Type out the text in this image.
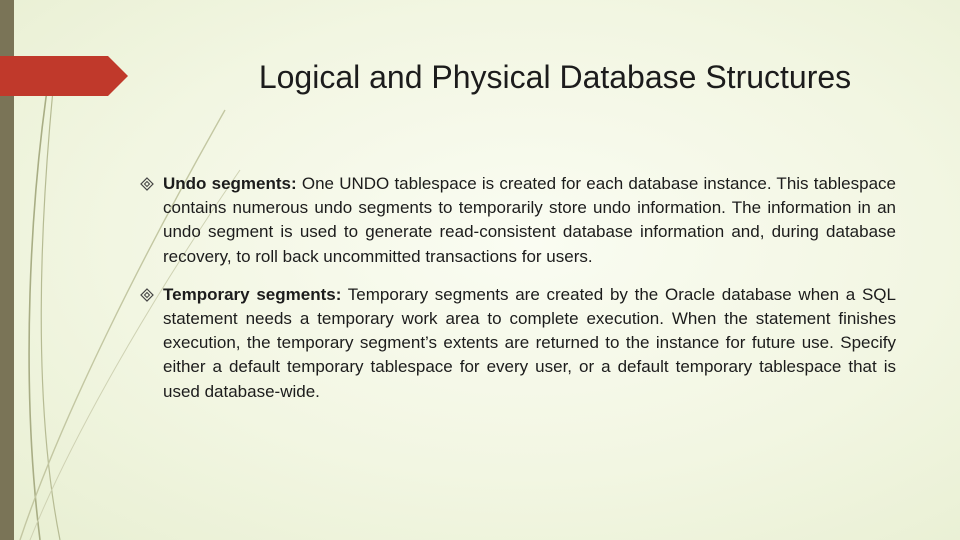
Logical and Physical Database Structures
Undo segments: One UNDO tablespace is created for each database instance. This tablespace contains numerous undo segments to temporarily store undo information. The information in an undo segment is used to generate read-consistent database information and, during database recovery, to roll back uncommitted transactions for users.
Temporary segments: Temporary segments are created by the Oracle database when a SQL statement needs a temporary work area to complete execution. When the statement finishes execution, the temporary segment’s extents are returned to the instance for future use. Specify either a default temporary tablespace for every user, or a default temporary tablespace that is used database-wide.
